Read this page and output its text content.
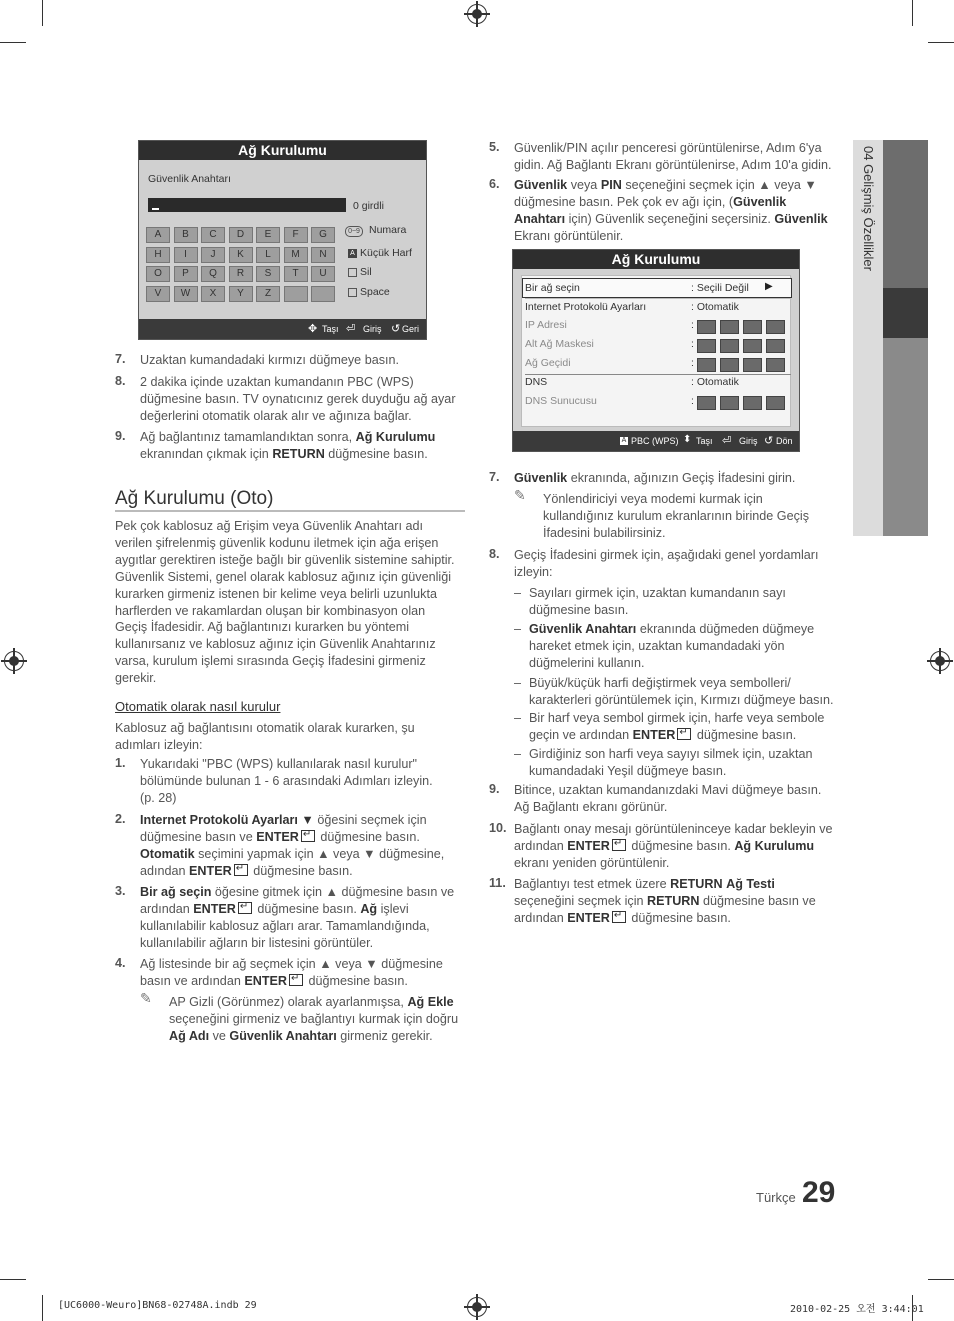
04 Gelişmiş Özellikler
Ağ Kurulumu
Güvenlik Anahtarı
0 girdli
A	B	C	D	E	F	G
H	I	J	K	L	M	N
O	P	Q	R	S	T	U
V	W	X	Y	Z
0~9 Numara
A Küçük Harf
Sil
Space
✥ Taşı ⏎ Giriş ↺ Geri
7. Uzaktan kumandadaki kırmızı düğmeye basın.
8. 2 dakika içinde uzaktan kumandanın PBC (WPS) düğmesine basın. TV oynatıcınız gerek duyduğu ağ ayar değerlerini otomatik olarak alır ve ağınıza bağlar.
9. Ağ bağlantınız tamamlandıktan sonra, Ağ Kurulumu ekranından çıkmak için RETURN düğmesine basın.
Ağ Kurulumu (Oto)
Pek çok kablosuz ağ Erişim veya Güvenlik Anahtarı adı verilen şifrelenmiş güvenlik kodunu iletmek için ağa erişen aygıtlar gerektiren isteğe bağlı bir güvenlik sistemine sahiptir. Güvenlik Sistemi, genel olarak kablosuz ağınız için güvenliği kurarken girmeniz istenen bir kelime veya belirli uzunlukta harflerden ve rakamlardan oluşan bir kombinasyon olan Geçiş İfadesidir. Ağ bağlantınızı kurarken bu yöntemi kullanırsanız ve kablosuz ağınız için Güvenlik Anahtarınız varsa, kurulum işlemi sırasında Geçiş İfadesini girmeniz gerekir.
Otomatik olarak nasıl kurulur
Kablosuz ağ bağlantısını otomatik olarak kurarken, şu adımları izleyin:
1. Yukarıdaki "PBC (WPS) kullanılarak nasıl kurulur" bölümünde bulunan 1 - 6 arasındaki Adımları izleyin. (p. 28)
2. Internet Protokolü Ayarları ▼ öğesini seçmek için düğmesine basın ve ENTER ↵ düğmesine basın. Otomatik seçimini yapmak için ▲ veya ▼ düğmesine, adından ENTER ↵ düğmesine basın.
3. Bir ağ seçin öğesine gitmek için ▲ düğmesine basın ve ardından ENTER ↵ düğmesine basın. Ağ işlevi kullanılabilir kablosuz ağları arar. Tamamlandığında, kullanılabilir ağların bir listesini görüntüler.
4. Ağ listesinde bir ağ seçmek için ▲ veya ▼ düğmesine basın ve ardından ENTER ↵ düğmesine basın.
✎ AP Gizli (Görünmez) olarak ayarlanmışsa, Ağ Ekle seçeneğini girmeniz ve bağlantıyı kurmak için doğru Ağ Adı ve Güvenlik Anahtarı girmeniz gerekir.
5. Güvenlik/PIN açılır penceresi görüntülenirse, Adım 6'ya gidin. Ağ Bağlantı Ekranı görüntülenirse, Adım 10'a gidin.
6. Güvenlik veya PIN seçeneğini seçmek için ▲ veya ▼ düğmesine basın. Pek çok ev ağı için, (Güvenlik Anahtarı için) Güvenlik seçeneğini seçersiniz. Güvenlik Ekranı görüntülenir.
Ağ Kurulumu
Bir ağ seçin	: Seçili Değil
Internet Protokolü Ayarları	: Otomatik
IP Adresi	:
Alt Ağ Maskesi	:
Ağ Geçidi	:
DNS	: Otomatik
DNS Sunucusu	:
▶
A PBC (WPS) ⬍ Taşı ⏎ Giriş ↺ Dön
7. Güvenlik ekranında, ağınızın Geçiş İfadesini girin.
✎ Yönlendiriciyi veya modemi kurmak için kullandığınız kurulum ekranlarının birinde Geçiş İfadesini bulabilirsiniz.
8. Geçiş İfadesini girmek için, aşağıdaki genel yordamları izleyin:
– Sayıları girmek için, uzaktan kumandanın sayı düğmesine basın.
– Güvenlik Anahtarı ekranında düğmeden düğmeye hareket etmek için, uzaktan kumandadaki yön düğmelerini kullanın.
– Büyük/küçük harfi değiştirmek veya sembolleri/ karakterleri görüntülemek için, Kırmızı düğmeye basın.
– Bir harf veya sembol girmek için, harfe veya sembole geçin ve ardından ENTER ↵ düğmesine basın.
– Girdiğiniz son harfi veya sayıyı silmek için, uzaktan kumandadaki Yeşil düğmeye basın.
9. Bitince, uzaktan kumandanızdaki Mavi düğmeye basın. Ağ Bağlantı ekranı görünür.
10. Bağlantı onay mesajı görüntüleninceye kadar bekleyin ve ardından ENTER ↵ düğmesine basın. Ağ Kurulumu ekranı yeniden görüntülenir.
11. Bağlantıyı test etmek üzere RETURN Ağ Testi seçeneğini seçmek için RETURN düğmesine basın ve ardından ENTER ↵ düğmesine basın.
Türkçe 29
[UC6000-Weuro]BN68-02748A.indb 29	2010-02-25 오전 3:44:01
